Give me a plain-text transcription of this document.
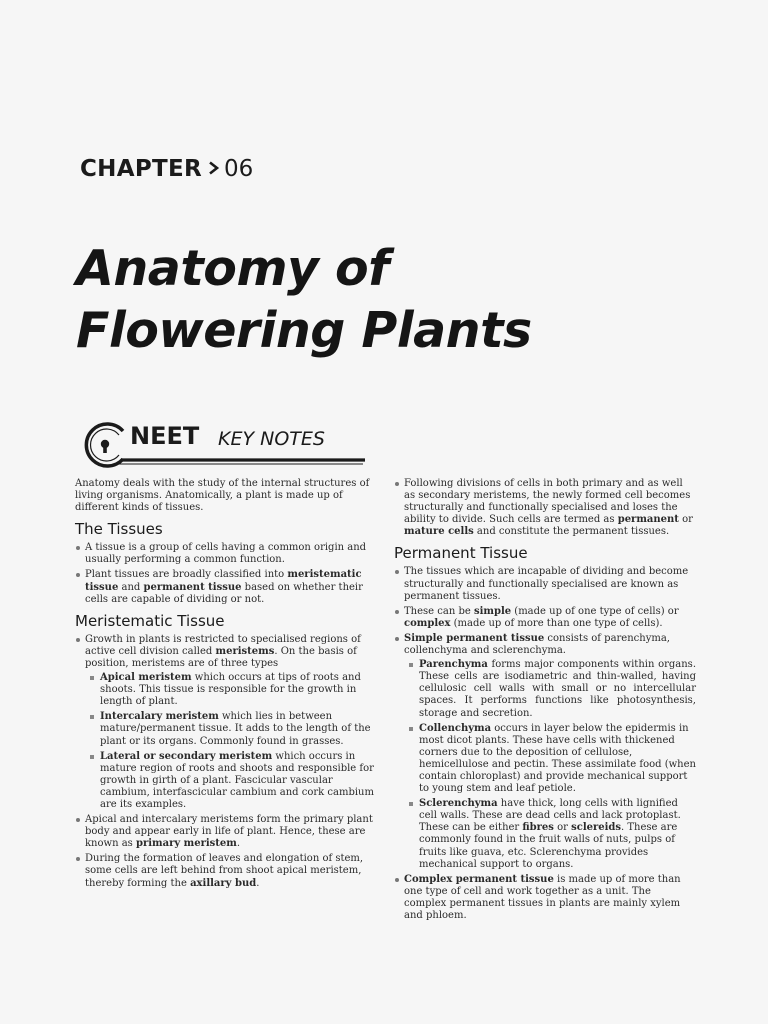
CHAPTER 06
Anatomy of
Flowering Plants
NEET KEY NOTES

Anatomy deals with the study of the internal structures of living organisms. Anatomically, a plant is made up of different kinds of tissues.

The Tissues
A tissue is a group of cells having a common origin and usually performing a common function.
Plant tissues are broadly classified into meristematic tissue and permanent tissue based on whether their cells are capable of dividing or not.
Meristematic Tissue
Growth in plants is restricted to specialised regions of active cell division called meristems. On the basis of position, meristems are of three types
Apical meristem which occurs at tips of roots and shoots. This tissue is responsible for the growth in length of plant.
Intercalary meristem which lies in between mature/permanent tissue. It adds to the length of the plant or its organs. Commonly found in grasses.
Lateral or secondary meristem which occurs in mature region of roots and shoots and responsible for growth in girth of a plant. Fascicular vascular cambium, interfascicular cambium and cork cambium are its examples.
Apical and intercalary meristems form the primary plant body and appear early in life of plant. Hence, these are known as primary meristem.
During the formation of leaves and elongation of stem, some cells are left behind from shoot apical meristem, thereby forming the axillary bud.
Following divisions of cells in both primary and as well as secondary meristems, the newly formed cell becomes structurally and functionally specialised and loses the ability to divide. Such cells are termed as permanent or mature cells and constitute the permanent tissues.
Permanent Tissue
The tissues which are incapable of dividing and become structurally and functionally specialised are known as permanent tissues.
These can be simple (made up of one type of cells) or complex (made up of more than one type of cells).
Simple permanent tissue consists of parenchyma, collenchyma and sclerenchyma.
Parenchyma forms major components within organs. These cells are isodiametric and thin-walled, having cellulosic cell walls with small or no intercellular spaces. It performs functions like photosynthesis, storage and secretion.
Collenchyma occurs in layer below the epidermis in most dicot plants. These have cells with thickened corners due to the deposition of cellulose, hemicellulose and pectin. These assimilate food (when contain chloroplast) and provide mechanical support to young stem and leaf petiole.
Sclerenchyma have thick, long cells with lignified cell walls. These are dead cells and lack protoplast. These can be either fibres or sclereids. These are commonly found in the fruit walls of nuts, pulps of fruits like guava, etc. Sclerenchyma provides mechanical support to organs.
Complex permanent tissue is made up of more than one type of cell and work together as a unit. The complex permanent tissues in plants are mainly xylem and phloem.
